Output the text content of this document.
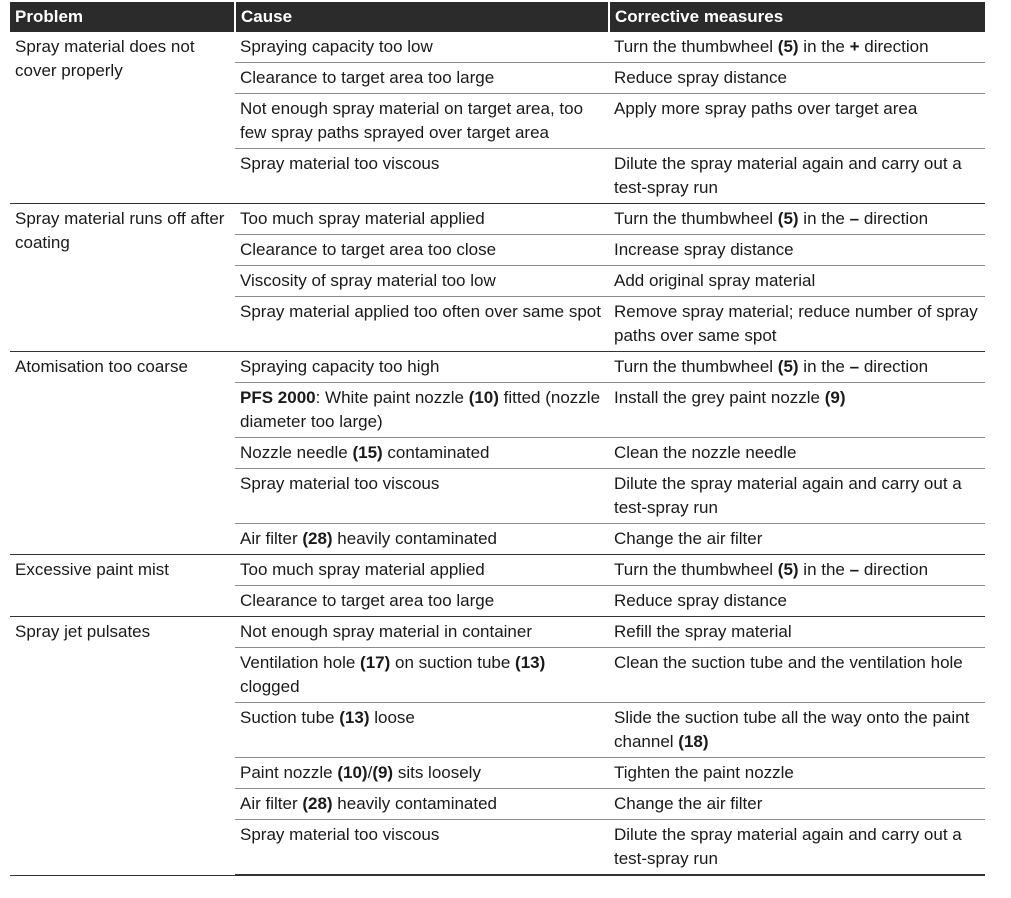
Problem	Cause	Corrective measures
Spray material does not cover properly	Spraying capacity too low	Turn the thumbwheel (5) in the + direction
	Clearance to target area too large	Reduce spray distance
	Not enough spray material on target area, too few spray paths sprayed over target area	Apply more spray paths over target area
	Spray material too viscous	Dilute the spray material again and carry out a test-spray run
Spray material runs off after coating	Too much spray material applied	Turn the thumbwheel (5) in the – direction
	Clearance to target area too close	Increase spray distance
	Viscosity of spray material too low	Add original spray material
	Spray material applied too often over same spot	Remove spray material; reduce number of spray paths over same spot
Atomisation too coarse	Spraying capacity too high	Turn the thumbwheel (5) in the – direction
	PFS 2000: White paint nozzle (10) fitted (nozzle diameter too large)	Install the grey paint nozzle (9)
	Nozzle needle (15) contaminated	Clean the nozzle needle
	Spray material too viscous	Dilute the spray material again and carry out a test-spray run
	Air filter (28) heavily contaminated	Change the air filter
Excessive paint mist	Too much spray material applied	Turn the thumbwheel (5) in the – direction
	Clearance to target area too large	Reduce spray distance
Spray jet pulsates	Not enough spray material in container	Refill the spray material
	Ventilation hole (17) on suction tube (13) clogged	Clean the suction tube and the ventilation hole
	Suction tube (13) loose	Slide the suction tube all the way onto the paint channel (18)
	Paint nozzle (10)/(9) sits loosely	Tighten the paint nozzle
	Air filter (28) heavily contaminated	Change the air filter
	Spray material too viscous	Dilute the spray material again and carry out a test-spray run
